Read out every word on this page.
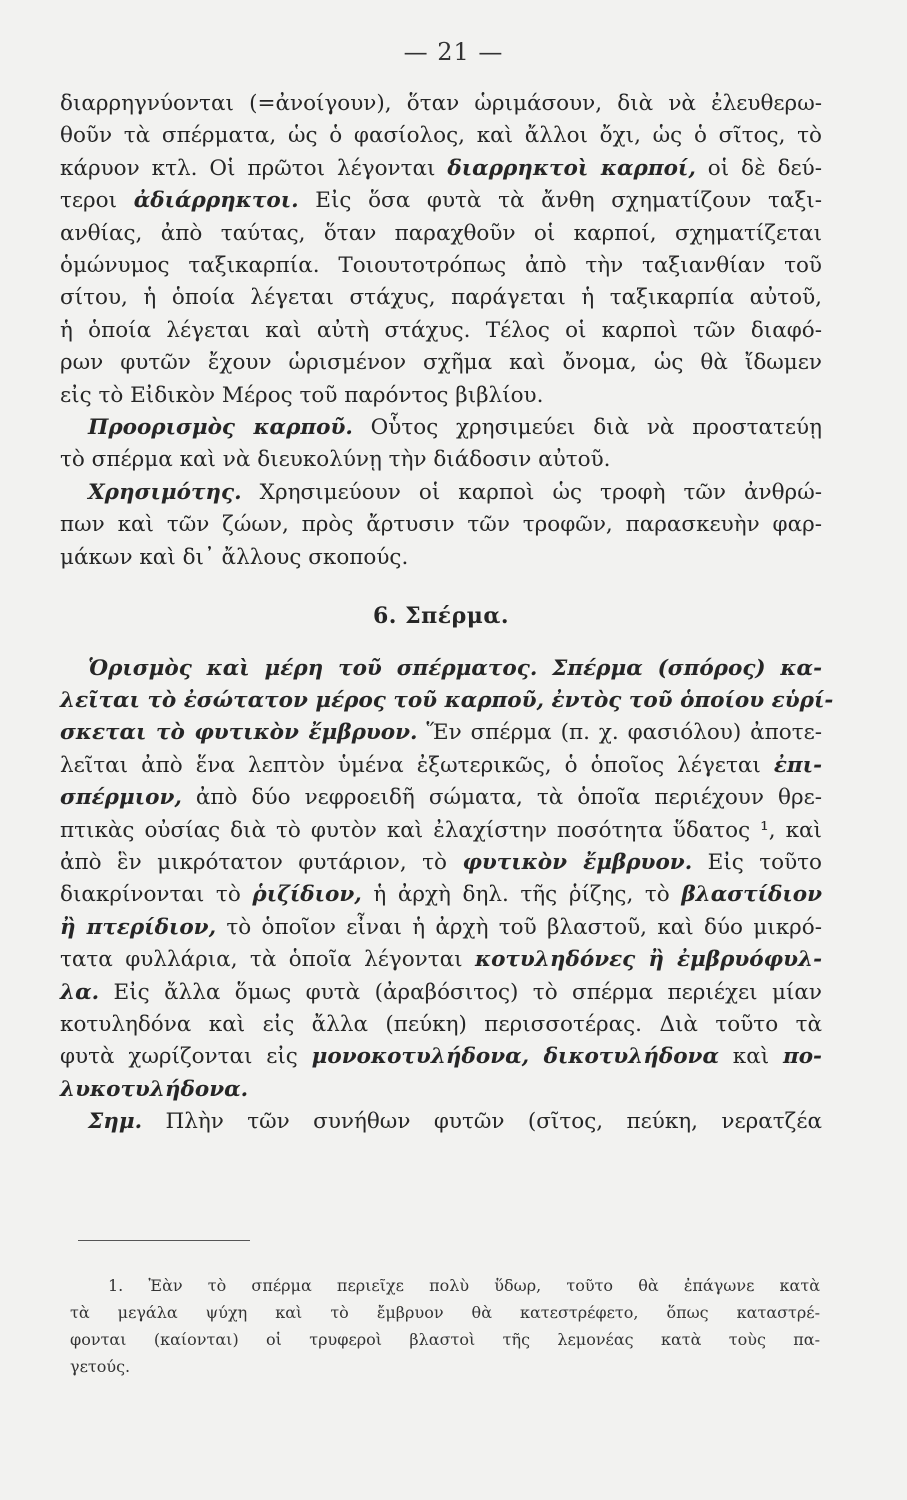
— 21 —
διαρρηγνύονται (=ἀνοίγουν), ὅταν ὡριμάσουν, διὰ νὰ ἐλευθερω-
θοῦν τὰ σπέρματα, ὡς ὁ φασίολος, καὶ ἄλλοι ὄχι, ὡς ὁ σῖτος, τὸ
κάρυον κτλ. Οἱ πρῶτοι λέγονται διαρρηκτοὶ καρποί, οἱ δὲ δεύ-
τεροι ἀδιάρρηκτοι. Εἰς ὅσα φυτὰ τὰ ἄνθη σχηματίζουν ταξι-
ανθίας, ἀπὸ ταύτας, ὅταν παραχθοῦν οἱ καρποί, σχηματίζεται
ὁμώνυμος ταξικαρπία. Τοιουτοτρόπως ἀπὸ τὴν ταξιανθίαν τοῦ
σίτου, ἡ ὁποία λέγεται στάχυς, παράγεται ἡ ταξικαρπία αὐτοῦ,
ἡ ὁποία λέγεται καὶ αὐτὴ στάχυς. Τέλος οἱ καρποὶ τῶν διαφό-
ρων φυτῶν ἔχουν ὡρισμένον σχῆμα καὶ ὄνομα, ὡς θὰ ἴδωμεν
εἰς τὸ Εἰδικὸν Μέρος τοῦ παρόντος βιβλίου.
Προορισμὸς καρποῦ. Οὗτος χρησιμεύει διὰ νὰ προστατεύῃ
τὸ σπέρμα καὶ νὰ διευκολύνῃ τὴν διάδοσιν αὐτοῦ.
Χρησιμότης. Χρησιμεύουν οἱ καρποὶ ὡς τροφὴ τῶν ἀνθρώ-
πων καὶ τῶν ζώων, πρὸς ἄρτυσιν τῶν τροφῶν, παρασκευὴν φαρ-
μάκων καὶ δι᾽ ἄλλους σκοπούς.
6. Σπέρμα.
Ὁρισμὸς καὶ μέρη τοῦ σπέρματος. Σπέρμα (σπόρος) κα-
λεῖται τὸ ἐσώτατον μέρος τοῦ καρποῦ, ἐντὸς τοῦ ὁποίου εὑρί-
σκεται τὸ φυτικὸν ἔμβρυον. Ἕν σπέρμα (π. χ. φασιόλου) ἀποτε-
λεῖται ἀπὸ ἕνα λεπτὸν ὑμένα ἐξωτερικῶς, ὁ ὁποῖος λέγεται ἐπι-
σπέρμιον, ἀπὸ δύο νεφροειδῆ σώματα, τὰ ὁποῖα περιέχουν θρε-
πτικὰς οὐσίας διὰ τὸ φυτὸν καὶ ἐλαχίστην ποσότητα ὕδατος ¹, καὶ
ἀπὸ ἓν μικρότατον φυτάριον, τὸ φυτικὸν ἔμβρυον. Εἰς τοῦτο
διακρίνονται τὸ ῥιζίδιον, ἡ ἀρχὴ δηλ. τῆς ῥίζης, τὸ βλαστίδιον
ἢ πτερίδιον, τὸ ὁποῖον εἶναι ἡ ἀρχὴ τοῦ βλαστοῦ, καὶ δύο μικρό-
τατα φυλλάρια, τὰ ὁποῖα λέγονται κοτυληδόνες ἢ ἐμβρυόφυλ-
λα. Εἰς ἄλλα ὅμως φυτὰ (ἀραβόσιτος) τὸ σπέρμα περιέχει μίαν
κοτυληδόνα καὶ εἰς ἄλλα (πεύκη) περισσοτέρας. Διὰ τοῦτο τὰ
φυτὰ χωρίζονται εἰς μονοκοτυλήδονα, δικοτυλήδονα καὶ πο-
λυκοτυλήδονα.
Σημ. Πλὴν τῶν συνήθων φυτῶν (σῖτος, πεύκη, νερατζέα
1. Ἐὰν τὸ σπέρμα περιεῖχε πολὺ ὕδωρ, τοῦτο θὰ ἐπάγωνε κατὰ
τὰ μεγάλα ψύχη καὶ τὸ ἔμβρυον θὰ κατεστρέφετο, ὅπως καταστρέ-
φονται (καίονται) οἱ τρυφεροὶ βλαστοὶ τῆς λεμονέας κατὰ τοὺς πα-
γετούς.
